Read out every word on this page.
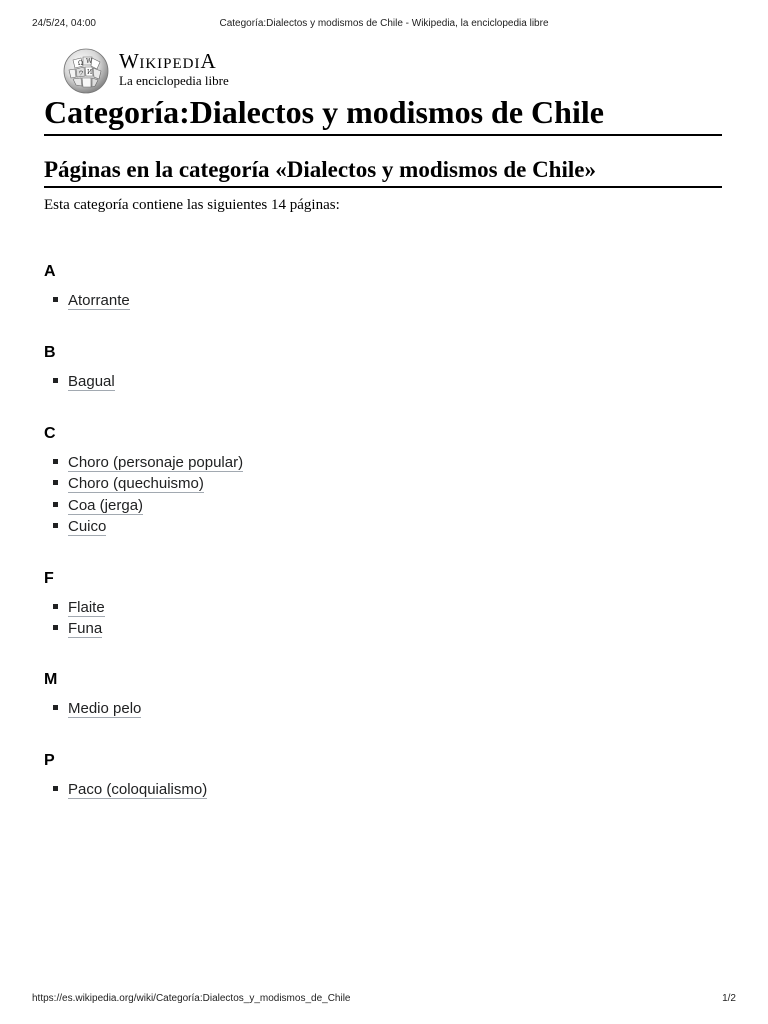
24/5/24, 04:00	Categoría:Dialectos y modismos de Chile - Wikipedia, la enciclopedia libre
Ω W
И
ウ
WIKIPEDIA
La enciclopedia libre
Categoría:Dialectos y modismos de Chile
Páginas en la categoría «Dialectos y modismos de Chile»
Esta categoría contiene las siguientes 14 páginas:
A
Atorrante
B
Bagual
C
Choro (personaje popular)
Choro (quechuismo)
Coa (jerga)
Cuico
F
Flaite
Funa
M
Medio pelo
P
Paco (coloquialismo)
https://es.wikipedia.org/wiki/Categoría:Dialectos_y_modismos_de_Chile	1/2
